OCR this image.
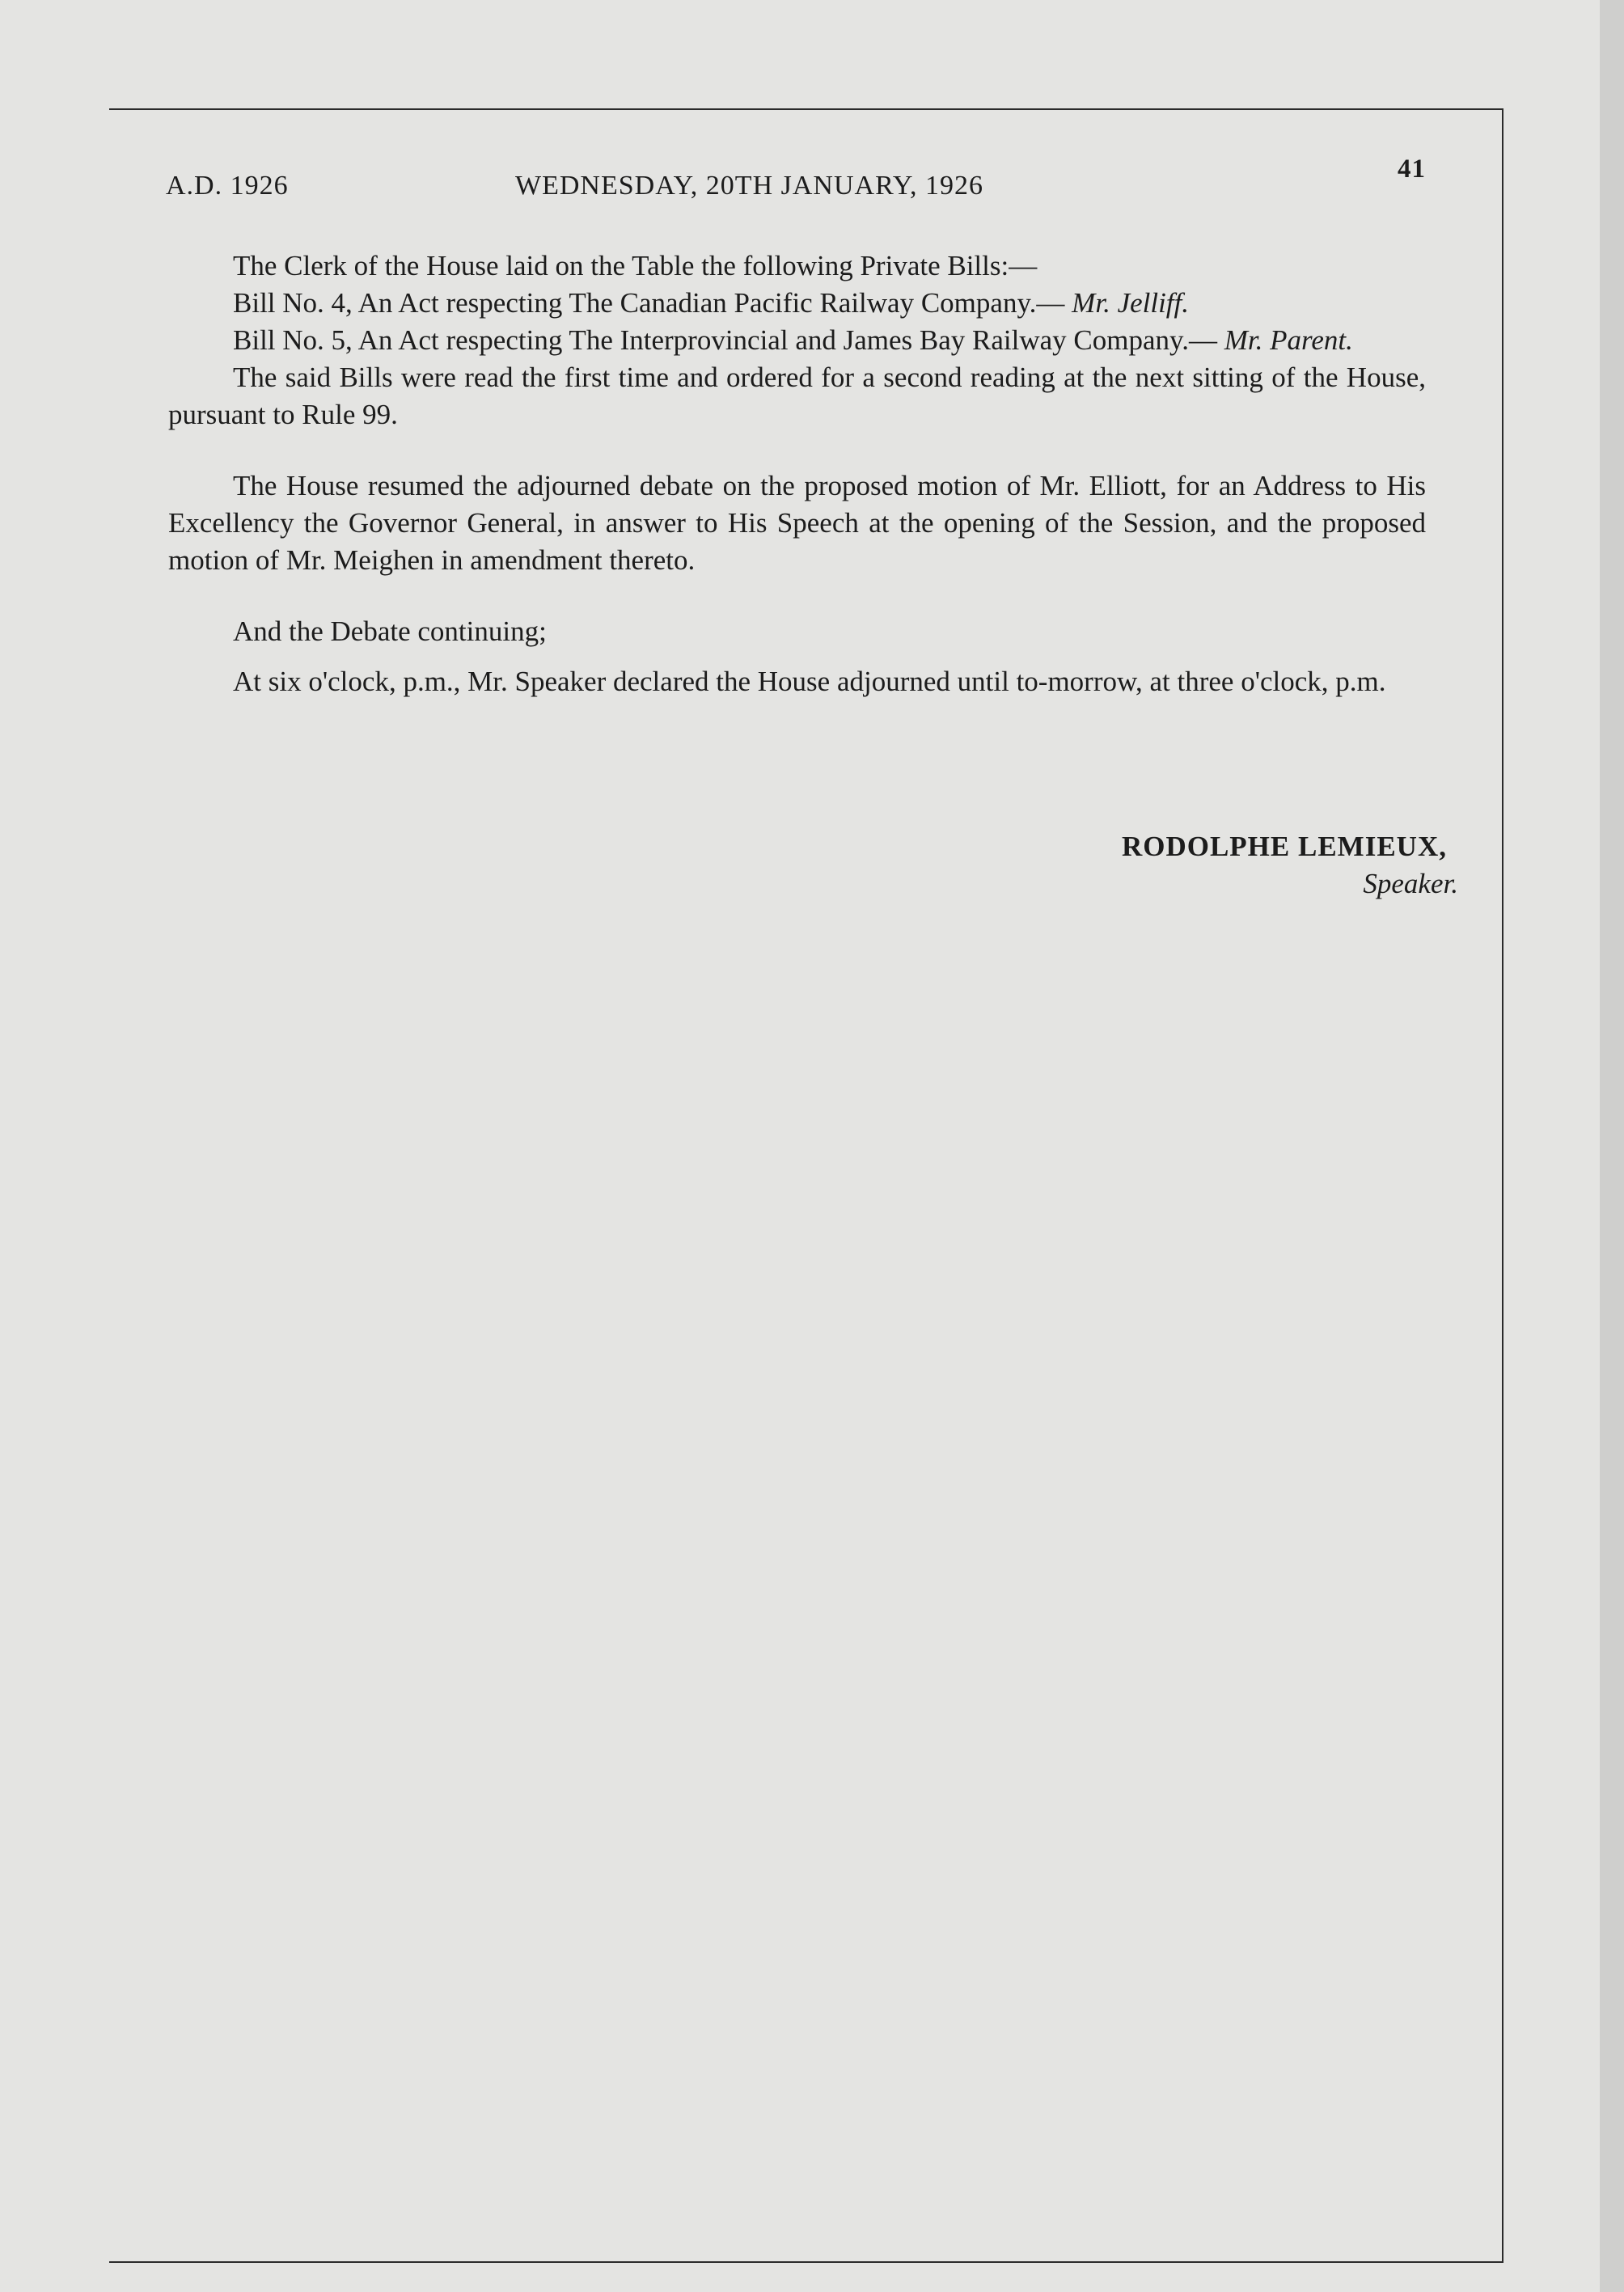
A.D. 1926	WEDNESDAY, 20TH JANUARY, 1926
41

The Clerk of the House laid on the Table the following Private Bills:—

Bill No. 4, An Act respecting The Canadian Pacific Railway Company.— Mr. Jelliff.

Bill No. 5, An Act respecting The Interprovincial and James Bay Railway Company.— Mr. Parent.

The said Bills were read the first time and ordered for a second reading at the next sitting of the House, pursuant to Rule 99.

The House resumed the adjourned debate on the proposed motion of Mr. Elliott, for an Address to His Excellency the Governor General, in answer to His Speech at the opening of the Session, and the proposed motion of Mr. Meighen in amendment thereto.

And the Debate continuing;

At six o'clock, p.m., Mr. Speaker declared the House adjourned until to-morrow, at three o'clock, p.m.

RODOLPHE LEMIEUX,
Speaker.
